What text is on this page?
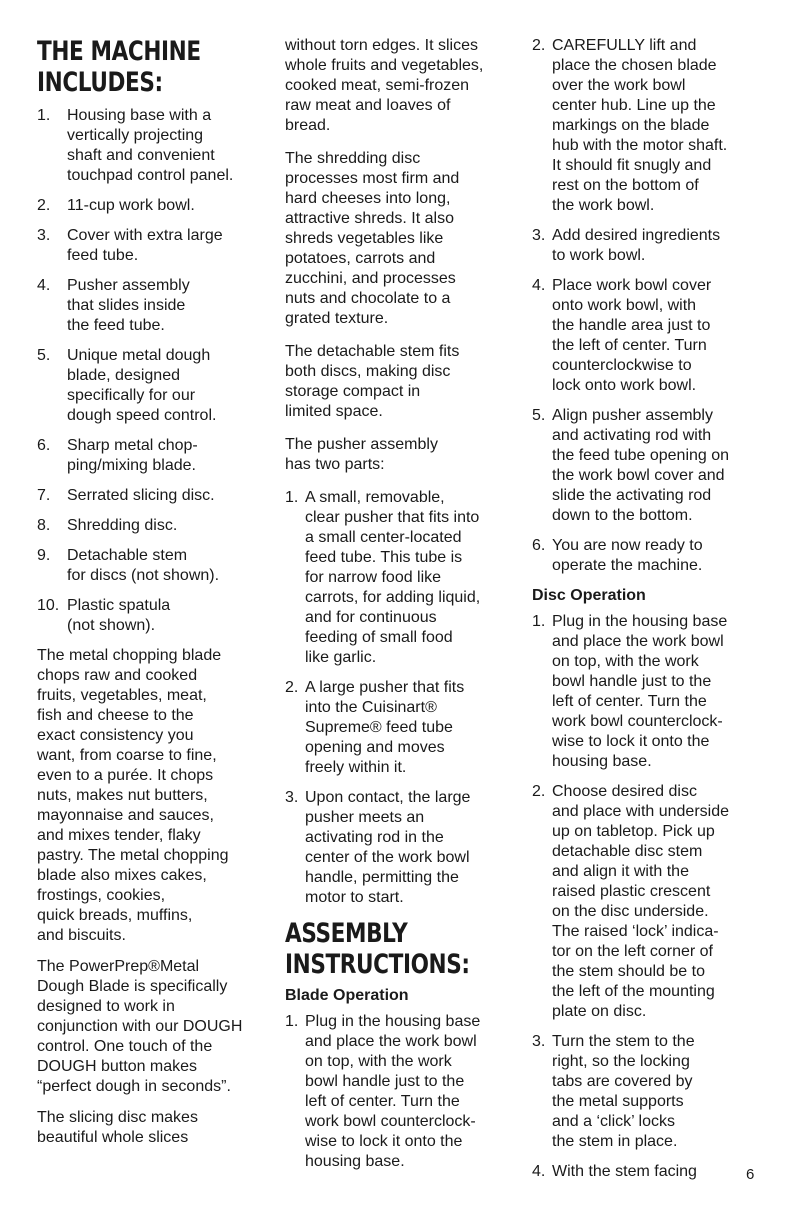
THE MACHINE
INCLUDES:
1.	Housing base with a
vertically projecting
shaft and convenient
touchpad control panel.
2.	11-cup work bowl.
3.	Cover with extra large
feed tube.
4.	Pusher assembly
that slides inside
the feed tube.
5.	Unique metal dough
blade, designed
specifically for our
dough speed control.
6.	Sharp metal chop-
ping/mixing blade.
7.	Serrated slicing disc.
8.	Shredding disc.
9.	Detachable stem
for discs (not shown).
10. Plastic spatula
(not shown).

The metal chopping blade
chops raw and cooked
fruits, vegetables, meat,
fish and cheese to the
exact consistency you
want, from coarse to fine,
even to a purée. It chops
nuts, makes nut butters,
mayonnaise and sauces,
and mixes tender, flaky
pastry. The metal chopping
blade also mixes cakes,
frostings, cookies,
quick breads, muffins,
and biscuits.

The PowerPrep®Metal
Dough Blade is specifically
designed to work in
conjunction with our DOUGH
control. One touch of the
DOUGH button makes
“perfect dough in seconds”.

The slicing disc makes
beautiful whole slices

without torn edges. It slices
whole fruits and vegetables,
cooked meat, semi-frozen
raw meat and loaves of
bread.

The shredding disc
processes most firm and
hard cheeses into long,
attractive shreds. It also
shreds vegetables like
potatoes, carrots and
zucchini, and processes
nuts and chocolate to a
grated texture.

The detachable stem fits
both discs, making disc
storage compact in
limited space.

The pusher assembly
has two parts:

1. A small, removable,
clear pusher that fits into
a small center-located
feed tube. This tube is
for narrow food like
carrots, for adding liquid,
and for continuous
feeding of small food
like garlic.
2. A large pusher that fits
into the Cuisinart®
Supreme® feed tube
opening and moves
freely within it.
3. Upon contact, the large
pusher meets an
activating rod in the
center of the work bowl
handle, permitting the
motor to start.
ASSEMBLY
INSTRUCTIONS:
Blade Operation
1. Plug in the housing base
and place the work bowl
on top, with the work
bowl handle just to the
left of center. Turn the
work bowl counterclock-
wise to lock it onto the
housing base.
2. CAREFULLY lift and
place the chosen blade
over the work bowl
center hub. Line up the
markings on the blade
hub with the motor shaft.
It should fit snugly and
rest on the bottom of
the work bowl.
3. Add desired ingredients
to work bowl.
4. Place work bowl cover
onto work bowl, with
the handle area just to
the left of center. Turn
counterclockwise to
lock onto work bowl.
5. Align pusher assembly
and activating rod with
the feed tube opening on
the work bowl cover and
slide the activating rod
down to the bottom.
6. You are now ready to
operate the machine.
Disc Operation
1. Plug in the housing base
and place the work bowl
on top, with the work
bowl handle just to the
left of center. Turn the
work bowl counterclock-
wise to lock it onto the
housing base.
2. Choose desired disc
and place with underside
up on tabletop. Pick up
detachable disc stem
and align it with the
raised plastic crescent
on the disc underside.
The raised ‘lock’ indica-
tor on the left corner of
the stem should be to
the left of the mounting
plate on disc.
3. Turn the stem to the
right, so the locking
tabs are covered by
the metal supports
and a ‘click’ locks
the stem in place.
4. With the stem facing	6
